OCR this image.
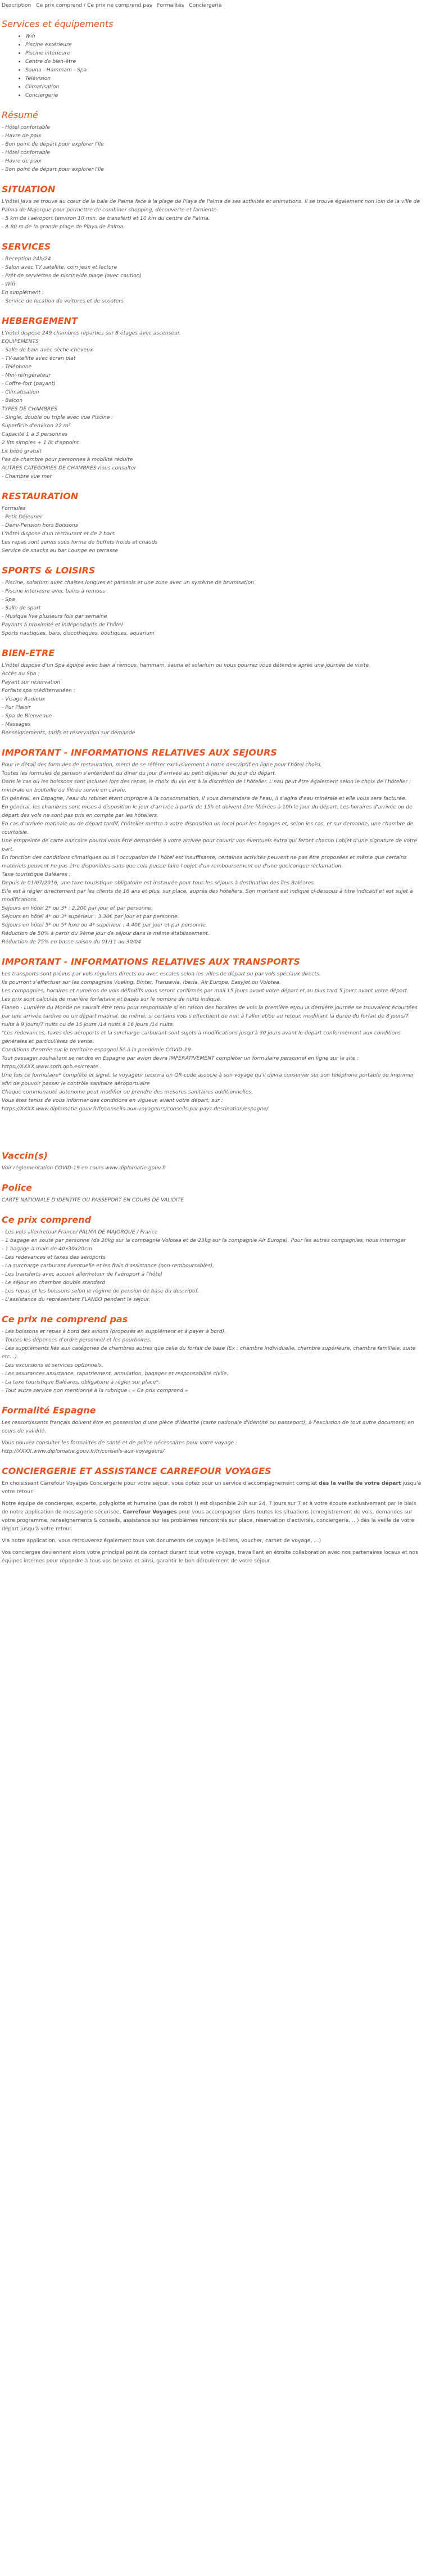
Description Ce prix comprend / Ce prix ne comprend pas Formalités Conciergerie
Services et équipements
• Wifi
• Piscine extérieure
• Piscine intérieure
• Centre de bien-être
• Sauna - Hammam - Spa
• Télévision
• Climatisation
• Conciergerie
Résumé

- Hôtel confortable

- Havre de paix

- Bon point de départ pour explorer l'île

- Hôtel confortable

- Havre de paix

- Bon point de départ pour explorer l'île

SITUATION

L'hôtel Java se trouve au cœur de la baie de Palma face à la plage de Playa de Palma de ses activités et animations. Il se trouve également non loin de la ville de Palma de Majorque pour permettre de combiner shopping, découverte et farniente.

- 5 km de l'aéroport (environ 10 min. de transfert) et 10 km du centre de Palma.

- A 80 m de la grande plage de Playa de Palma.

SERVICES

- Réception 24h/24

- Salon avec TV satellite, coin jeux et lecture

- Prêt de serviettes de piscine/de plage (avec caution)

- Wifi

En supplément :

- Service de location de voitures et de scooters

HEBERGEMENT

L'hôtel dispose 249 chambres réparties sur 8 étages avec ascenseur.

EQUIPEMENTS

- Salle de bain avec sèche-cheveux

- TV-satellite avec écran plat

- Téléphone

- Mini-réfrigérateur

- Coffre-fort (payant)

- Climatisation

- Balcon

TYPES DE CHAMBRES

- Single, double ou triple avec vue Piscine :

Superficie d'environ 22 m²

Capacité 1 à 3 personnes

2 lits simples + 1 lit d'appoint

Lit bébé gratuit

Pas de chambre pour personnes à mobilité réduite

AUTRES CATEGORIES DE CHAMBRES nous consulter

- Chambre vue mer

RESTAURATION

Formules

- Petit Déjeuner

- Demi-Pension hors Boissons

L'hôtel dispose d'un restaurant et de 2 bars

Les repas sont servis sous forme de buffets froids et chauds

Service de snacks au bar Lounge en terrasse

SPORTS & LOISIRS

- Piscine, solarium avec chaises longues et parasols et une zone avec un système de brumisation

- Piscine intérieure avec bains à remous

- Spa

- Salle de sport

- Musique live plusieurs fois par semaine

Payants à proximité et indépendants de l'hôtel

Sports nautiques, bars, discothèques, boutiques, aquarium

BIEN-ETRE

L'hôtel dispose d'un Spa équipé avec bain à remous, hammam, sauna et solarium ou vous pourrez vous détendre après une journée de visite.

Accès au Spa :

Payant sur réservation

Forfaits spa méditerranéen :

- Visage Radieux

- Pur Plaisir

- Spa de Bienvenue

- Massages

Renseignements, tarifs et réservation sur demande

IMPORTANT - INFORMATIONS RELATIVES AUX SEJOURS

Pour le détail des formules de restauration, merci de se référer exclusivement à notre descriptif en ligne pour l'hôtel choisi.

Toutes les formules de pension s'entendent du dîner du jour d'arrivée au petit déjeuner du jour du départ.

Dans le cas où les boissons sont incluses lors des repas, le choix du vin est à la discrétion de l'hôtelier. L'eau peut être également selon le choix de l'hôtelier : minérale en bouteille ou filtrée servie en carafe.

En général, en Espagne, l'eau du robinet étant impropre à la consommation, il vous demandera de l'eau, il s'agira d'eau minérale et elle vous sera facturée.

En général, les chambres sont mises à disposition le jour d'arrivée à partir de 15h et doivent être libérées à 10h le jour du départ. Les horaires d'arrivée ou de départ des vols ne sont pas pris en compte par les hôteliers.

En cas d'arrivée matinale ou de départ tardif, l'hôtelier mettra à votre disposition un local pour les bagages et, selon les cas, et sur demande, une chambre de courtoisie.

Une empreinte de carte bancaire pourra vous être demandée à votre arrivée pour couvrir vos éventuels extra qui feront chacun l'objet d'une signature de votre part.

En fonction des conditions climatiques ou si l'occupation de l'hôtel est insuffisante, certaines activités peuvent ne pas être proposées et même que certains matériels peuvent ne pas être disponibles sans que cela puisse faire l'objet d'un remboursement ou d'une quelconque réclamation.

Taxe touristique Baléares :

Depuis le 01/07/2016, une taxe touristique obligatoire est instaurée pour tous les séjours à destination des îles Baléares.

Elle est à régler directement par les clients de 16 ans et plus, sur place, auprès des hôteliers. Son montant est indiqué ci-dessous à titre indicatif et est sujet à modifications.

Séjours en hôtel 2* ou 3* : 2.20€ par jour et par personne.

Séjours en hôtel 4* ou 3* supérieur : 3.30€ par jour et par personne.

Séjours en hôtel 5* ou 5* luxe ou 4* supérieur : 4.40€ par jour et par personne.

Réduction de 50% à partir du 9ème jour de séjour dans le même établissement.

Réduction de 75% en basse saison du 01/11 au 30/04

IMPORTANT - INFORMATIONS RELATIVES AUX TRANSPORTS

Les transports sont prévus par vols réguliers directs ou avec escales selon les villes de départ ou par vols spéciaux directs.

Ils pourront s'effectuer sur les compagnies Vueling, Binter, Transavia, Iberia, Air Europa, EasyJet ou Volotea.

Les compagnies, horaires et numéros de vols définitifs vous seront confirmés par mail 15 jours avant votre départ et au plus tard 5 jours avant votre départ.

Les prix sont calculés de manière forfaitaire et basés sur le nombre de nuits indiqué.

Flaneo - Lumière du Monde ne saurait être tenu pour responsable si en raison des horaires de vols la première et/ou la dernière journée se trouvaient écourtées par une arrivée tardive ou un départ matinal, de même, si certains vols s'effectuent de nuit à l'aller et/ou au retour, modifiant la durée du forfait de 8 jours/7 nuits à 9 jours/7 nuits ou de 15 jours /14 nuits à 16 jours /14 nuits.

"Les redevances, taxes des aéroports et la surcharge carburant sont sujets à modifications jusqu'à 30 jours avant le départ conformément aux conditions générales et particulières de vente.

Conditions d'entrée sur le territoire espagnol lié à la pandémie COVID-19

Tout passager souhaitant se rendre en Espagne par avion devra IMPERATIVEMENT compléter un formulaire personnel en ligne sur le site : https://XXXX.www.spth.gob.es/create .

Une fois ce formulaire* complété et signé, le voyageur recevra un QR-code associé à son voyage qu'il devra conserver sur son téléphone portable ou imprimer afin de pouvoir passer le contrôle sanitaire aéroportuaire

Chaque communauté autonome peut modifier ou prendre des mesures sanitaires additionnelles.

Vous êtes tenus de vous informer des conditions en vigueur, avant votre départ, sur :

https://XXXX.www.diplomatie.gouv.fr/fr/conseils-aux-voyageurs/conseils-par-pays-destination/espagne/

Vaccin(s)

Voir réglementation COVID-19 en cours www.diplomatie.gouv.fr

Police

CARTE NATIONALE D'IDENTITE OU PASSEPORT EN COURS DE VALIDITE

Ce prix comprend

- Les vols aller/retour France/ PALMA DE MAJORQUE / France

- 1 bagage en soute par personne (de 20kg sur la compagnie Volotea et de 23kg sur la compagnie Air Europa). Pour les autres compagnies, nous interroger

- 1 bagage à main de 40x30x20cm

- Les redevances et taxes des aéroports

- La surcharge carburant éventuelle et les frais d'assistance (non-remboursables).

- Les transferts avec accueil aller/retour de l'aéroport à l'hôtel

- Le séjour en chambre double standard

- Les repas et les boissons selon le régime de pension de base du descriptif.

- L'assistance du représentant FLANEO pendant le séjour.

Ce prix ne comprend pas

- Les boissons et repas à bord des avions (proposés en supplément et à payer à bord).

- Toutes les dépenses d'ordre personnel et les pourboires.

- Les suppléments liés aux catégories de chambres autres que celle du forfait de base (Ex : chambre individuelle, chambre supérieure, chambre familiale, suite etc…).

- Les excursions et services optionnels.

- Les assurances assistance, rapatriement, annulation, bagages et responsabilité civile.

- La taxe touristique Baléares, obligatoire à régler sur place*.

- Tout autre service non mentionné à la rubrique : « Ce prix comprend »

Formalité Espagne

Les ressortissants français doivent être en possession d'une pièce d'identité (carte nationale d'identité ou passeport), à l'exclusion de tout autre document) en cours de validité.

Vous pouvez consulter les formalités de santé et de police nécessaires pour votre voyage :

http://XXXX.www.diplomatie.gouv.fr/fr/conseils-aux-voyageurs/

CONCIERGERIE ET ASSISTANCE CARREFOUR VOYAGES

En choisissant Carrefour Voyages Conciergerie pour votre séjour, vous optez pour un service d'accompagnement complet dès la veille de votre départ jusqu'à votre retour.

Notre équipe de concierges, experte, polyglotte et humaine (pas de robot !) est disponible 24h sur 24, 7 jours sur 7 et à votre écoute exclusivement par le biais de notre application de messagerie sécurisée, Carrefour Voyages pour vous accompagner dans toutes les situations (enregistrement de vols, demandes sur votre programme, renseignements & conseils, assistance sur les problèmes rencontrés sur place, réservation d'activités, conciergerie, …) dès la veille de votre départ jusqu'à votre retour.

Via notre application, vous retrouverez également tous vos documents de voyage (e-billets, voucher, carnet de voyage, …)

Vos concierges deviennent alors votre principal point de contact durant tout votre voyage, travaillant en étroite collaboration avec nos partenaires locaux et nos équipes internes pour répondre à tous vos besoins et ainsi, garantir le bon déroulement de votre séjour.
